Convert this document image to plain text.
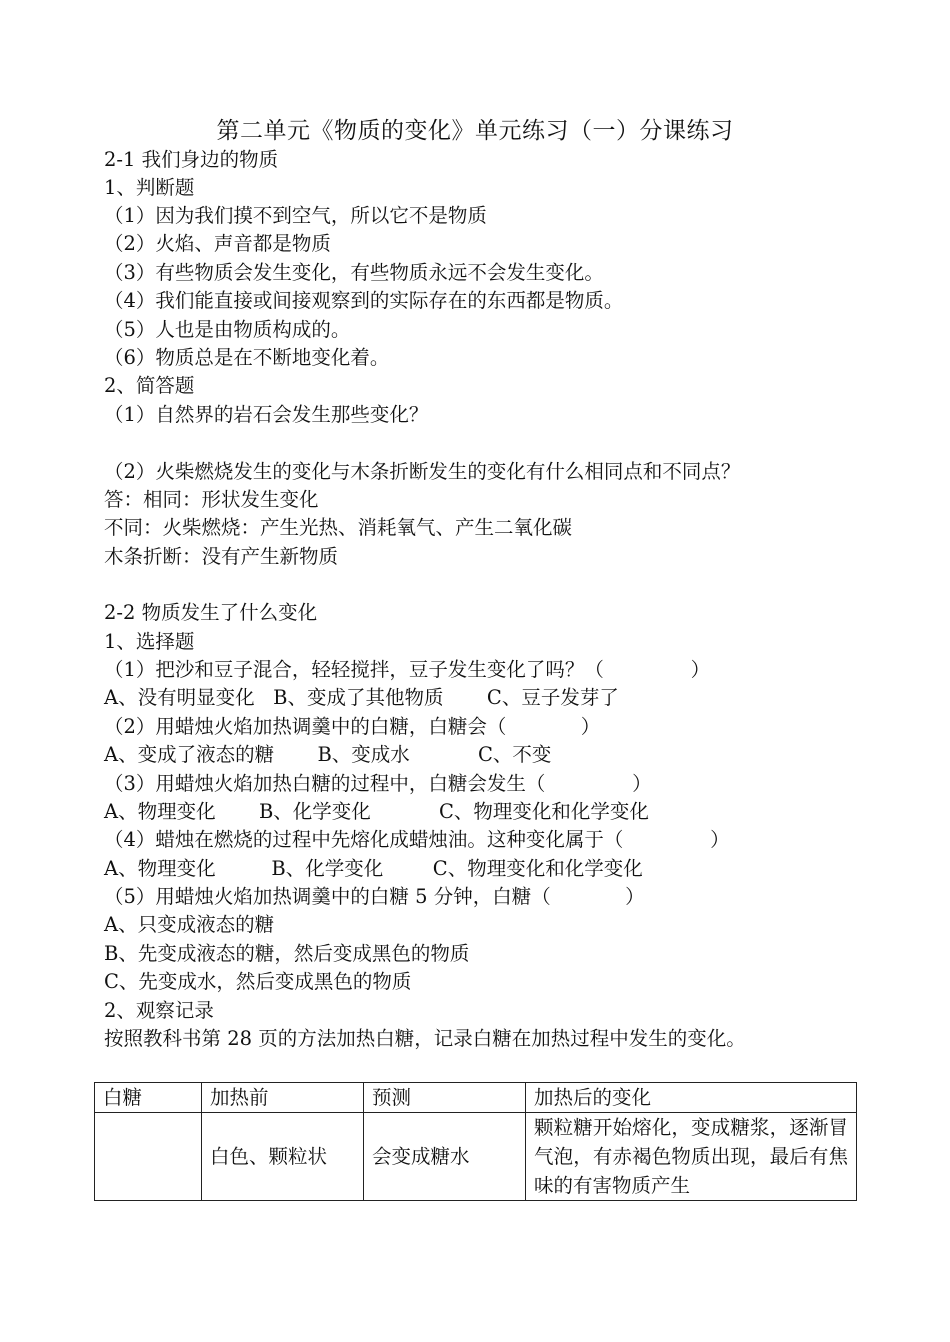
第二单元《物质的变化》单元练习（一）分课练习
2-1 我们身边的物质
1、判断题
（1）因为我们摸不到空气，所以它不是物质
（2）火焰、声音都是物质
（3）有些物质会发生变化，有些物质永远不会发生变化。
（4）我们能直接或间接观察到的实际存在的东西都是物质。
（5）人也是由物质构成的。
（6）物质总是在不断地变化着。
2、简答题
（1）自然界的岩石会发生那些变化？
（2）火柴燃烧发生的变化与木条折断发生的变化有什么相同点和不同点？
答：相同：形状发生变化
不同：火柴燃烧：产生光热、消耗氧气、产生二氧化碳
木条折断：没有产生新物质
2-2 物质发生了什么变化
1、选择题
（1）把沙和豆子混合，轻轻搅拌，豆子发生变化了吗？（              ）
A、没有明显变化   B、变成了其他物质       C、豆子发芽了
（2）用蜡烛火焰加热调羹中的白糖，白糖会（            ）
A、变成了液态的糖       B、变成水           C、不变
（3）用蜡烛火焰加热白糖的过程中，白糖会发生（              ）
A、物理变化       B、化学变化           C、物理变化和化学变化
（4）蜡烛在燃烧的过程中先熔化成蜡烛油。这种变化属于（              ）
A、物理变化         B、化学变化        C、物理变化和化学变化
（5）用蜡烛火焰加热调羹中的白糖 5 分钟，白糖（            ）
A、只变成液态的糖
B、先变成液态的糖，然后变成黑色的物质
C、先变成水，然后变成黑色的物质
2、观察记录
按照教科书第 28 页的方法加热白糖，记录白糖在加热过程中发生的变化。
白糖	加热前	预测	加热后的变化
	白色、颗粒状	会变成糖水	颗粒糖开始熔化，变成糖浆，逐渐冒气泡，有赤褐色物质出现，最后有焦味的有害物质产生
